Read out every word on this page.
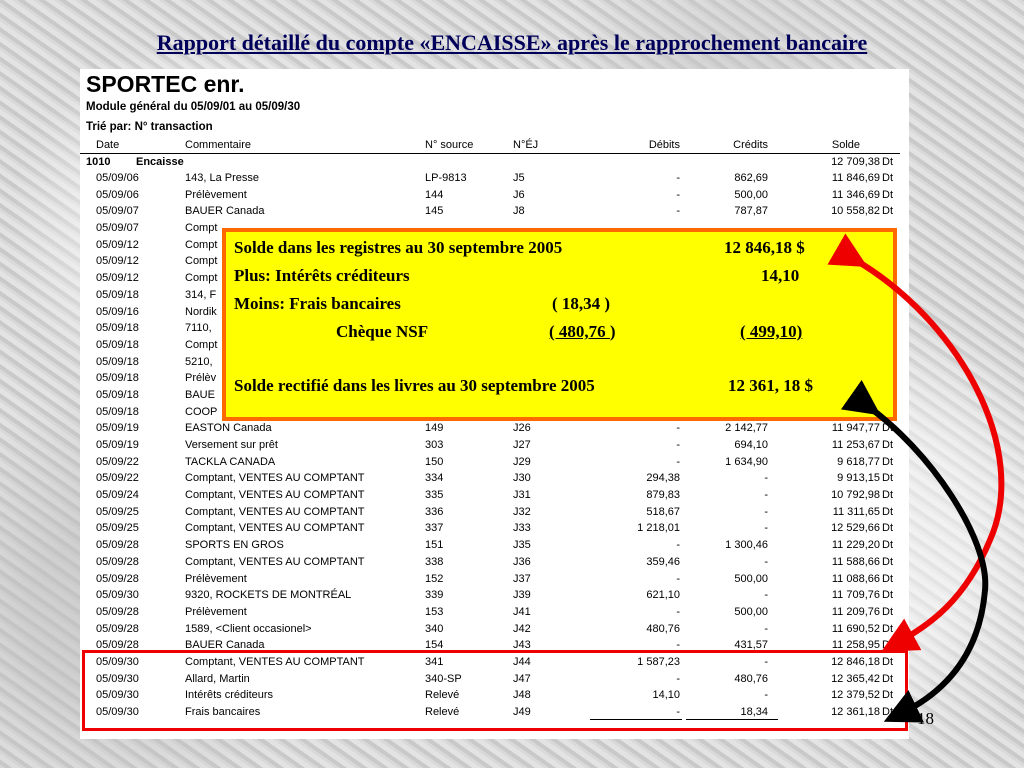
Rapport détaillé du compte «ENCAISSE» après le rapprochement bancaire
SPORTEC enr.
Module général du 05/09/01 au 05/09/30
Trié par: N° transaction
Date	Commentaire	N° source	N°ÉJ	Débits	Crédits	Solde
1010 Encaisse	12 709,38 Dt
05/09/06	143, La Presse	LP-9813	J5	-	862,69	11 846,69 Dt
05/09/06	Prélèvement	144	J6	-	500,00	11 346,69 Dt
05/09/07	BAUER Canada	145	J8	-	787,87	10 558,82 Dt
05/09/07	Compt
05/09/12	Compt
05/09/12	Compt
05/09/12	Compt
05/09/18	314, F
05/09/16	Nordik
05/09/18	7110,
05/09/18	Compt
05/09/18	5210,
05/09/18	Prélèv
05/09/18	BAUE
05/09/18	COOP
05/09/19	EASTON Canada	149	J26	-	2 142,77	11 947,77 Dt
05/09/19	Versement sur prêt	303	J27	-	694,10	11 253,67 Dt
05/09/22	TACKLA CANADA	150	J29	-	1 634,90	9 618,77 Dt
05/09/22	Comptant, VENTES AU COMPTANT	334	J30	294,38	-	9 913,15 Dt
05/09/24	Comptant, VENTES AU COMPTANT	335	J31	879,83	-	10 792,98 Dt
05/09/25	Comptant, VENTES AU COMPTANT	336	J32	518,67	-	11 311,65 Dt
05/09/25	Comptant, VENTES AU COMPTANT	337	J33	1 218,01	-	12 529,66 Dt
05/09/28	SPORTS EN GROS	151	J35	-	1 300,46	11 229,20 Dt
05/09/28	Comptant, VENTES AU COMPTANT	338	J36	359,46	-	11 588,66 Dt
05/09/28	Prélèvement	152	J37	-	500,00	11 088,66 Dt
05/09/30	9320, ROCKETS DE MONTRÉAL	339	J39	621,10	-	11 709,76 Dt
05/09/28	Prélèvement	153	J41	-	500,00	11 209,76 Dt
05/09/28	1589, <Client occasionel>	340	J42	480,76	-	11 690,52 Dt
05/09/28	BAUER Canada	154	J43	-	431,57	11 258,95 Dt
05/09/30	Comptant, VENTES AU COMPTANT	341	J44	1 587,23	-	12 846,18 Dt
05/09/30	Allard, Martin	340-SP	J47	-	480,76	12 365,42 Dt
05/09/30	Intérêts créditeurs	Relevé	J48	14,10	-	12 379,52 Dt
05/09/30	Frais bancaires	Relevé	J49	-	18,34	12 361,18 Dt
Solde dans les registres au 30 septembre 2005	12 846,18 $
Plus: Intérêts créditeurs	14,10
Moins: Frais bancaires	( 18,34 )
Chèque NSF	( 480,76 )	( 499,10)
Solde rectifié dans les livres au 30 septembre 2005	12 361, 18 $
18
